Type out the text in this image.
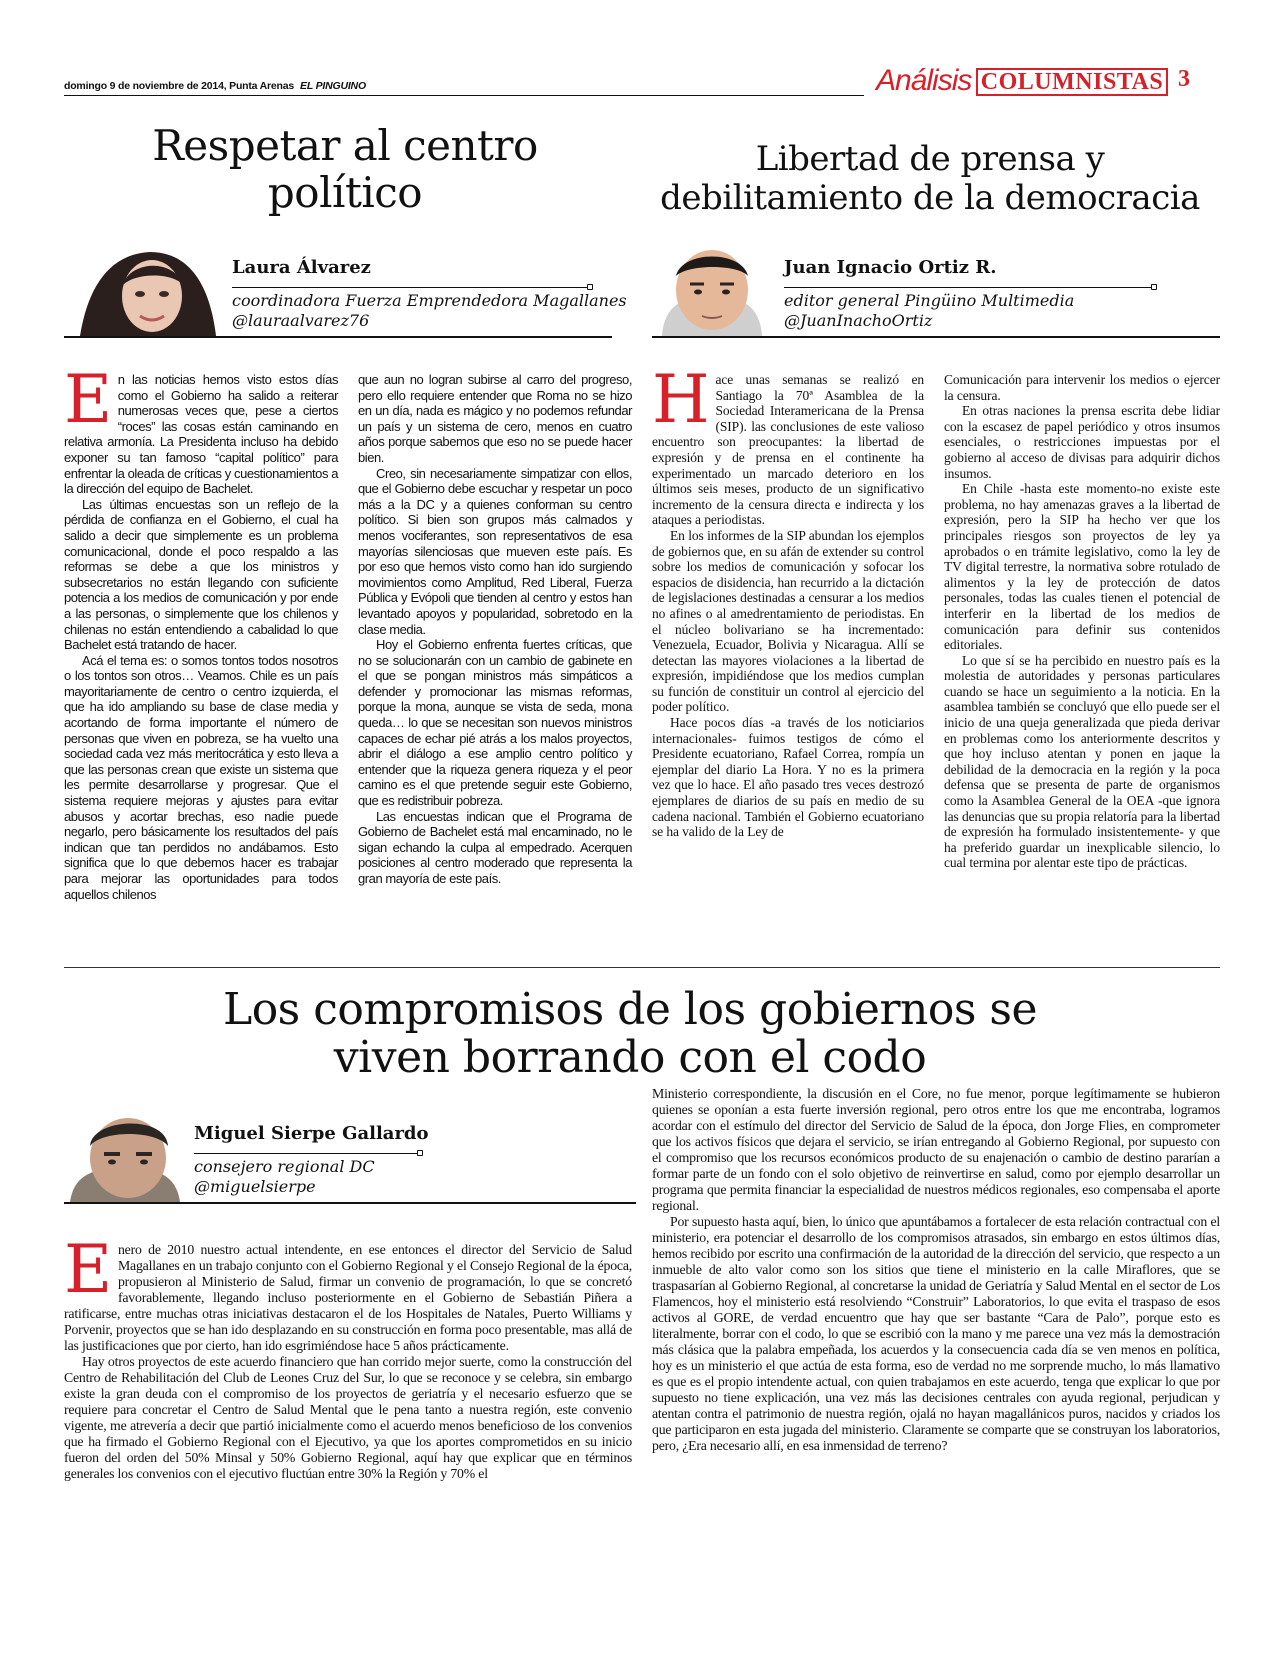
domingo 9 de noviembre de 2014, Punta Arenas EL PINGUINO	Análisis COLUMNISTAS 3
Respetar al centro político
Laura Álvarez
coordinadora Fuerza Emprendedora Magallanes
@lauraalvarez76
E n las noticias hemos visto estos días como el Gobierno ha salido a reiterar numerosas veces que, pese a ciertos “roces” las cosas están caminando en relativa armonía. La Presidenta incluso ha debido exponer su tan famoso “capital político” para enfrentar la oleada de críticas y cuestionamientos a la dirección del equipo de Bachelet.

Las últimas encuestas son un reflejo de la pérdida de confianza en el Gobierno, el cual ha salido a decir que simplemente es un problema comunicacional, donde el poco respaldo a las reformas se debe a que los ministros y subsecretarios no están llegando con suficiente potencia a los medios de comunicación y por ende a las personas, o simplemente que los chilenos y chilenas no están entendiendo a cabalidad lo que Bachelet está tratando de hacer.

Acá el tema es: o somos tontos todos nosotros o los tontos son otros… Veamos. Chile es un país mayoritariamente de centro o centro izquierda, el que ha ido ampliando su base de clase media y acortando de forma importante el número de personas que viven en pobreza, se ha vuelto una sociedad cada vez más meritocrática y esto lleva a que las personas crean que existe un sistema que les permite desarrollarse y progresar. Que el sistema requiere mejoras y ajustes para evitar abusos y acortar brechas, eso nadie puede negarlo, pero básicamente los resultados del país indican que tan perdidos no andábamos. Esto significa que lo que debemos hacer es trabajar para mejorar las oportunidades para todos aquellos chilenos

que aun no logran subirse al carro del progreso, pero ello requiere entender que Roma no se hizo en un día, nada es mágico y no podemos refundar un país y un sistema de cero, menos en cuatro años porque sabemos que eso no se puede hacer bien.

Creo, sin necesariamente simpatizar con ellos, que el Gobierno debe escuchar y respetar un poco más a la DC y a quienes conforman su centro político. Si bien son grupos más calmados y menos vociferantes, son representativos de esa mayorías silenciosas que mueven este país. Es por eso que hemos visto como han ido surgiendo movimientos como Amplitud, Red Liberal, Fuerza Pública y Evópoli que tienden al centro y estos han levantado apoyos y popularidad, sobretodo en la clase media.

Hoy el Gobierno enfrenta fuertes críticas, que no se solucionarán con un cambio de gabinete en el que se pongan ministros más simpáticos a defender y promocionar las mismas reformas, porque la mona, aunque se vista de seda, mona queda… lo que se necesitan son nuevos ministros capaces de echar pié atrás a los malos proyectos, abrir el diálogo a ese amplio centro político y entender que la riqueza genera riqueza y el peor camino es el que pretende seguir este Gobierno, que es redistribuir pobreza.

Las encuestas indican que el Programa de Gobierno de Bachelet está mal encaminado, no le sigan echando la culpa al empedrado. Acerquen posiciones al centro moderado que representa la gran mayoría de este país.

Libertad de prensa y debilitamiento de la democracia
Juan Ignacio Ortiz R.
editor general Pingüino Multimedia
@JuanInachoOrtiz
H ace unas semanas se realizó en Santiago la 70ª Asamblea de la Sociedad Interamericana de la Prensa (SIP). las conclusiones de este valioso encuentro son preocupantes: la libertad de expresión y de prensa en el continente ha experimentado un marcado deterioro en los últimos seis meses, producto de un significativo incremento de la censura directa e indirecta y los ataques a periodistas.

En los informes de la SIP abundan los ejemplos de gobiernos que, en su afán de extender su control sobre los medios de comunicación y sofocar los espacios de disidencia, han recurrido a la dictación de legislaciones destinadas a censurar a los medios no afines o al amedrentamiento de periodistas. En el núcleo bolivariano se ha incrementado: Venezuela, Ecuador, Bolivia y Nicaragua. Allí se detectan las mayores violaciones a la libertad de expresión, impidiéndose que los medios cumplan su función de constituir un control al ejercicio del poder político.

Hace pocos días -a través de los noticiarios internacionales- fuimos testigos de cómo el Presidente ecuatoriano, Rafael Correa, rompía un ejemplar del diario La Hora. Y no es la primera vez que lo hace. El año pasado tres veces destrozó ejemplares de diarios de su país en medio de su cadena nacional. También el Gobierno ecuatoriano se ha valido de la Ley de

Comunicación para intervenir los medios o ejercer la censura.

En otras naciones la prensa escrita debe lidiar con la escasez de papel periódico y otros insumos esenciales, o restricciones impuestas por el gobierno al acceso de divisas para adquirir dichos insumos.

En Chile -hasta este momento-no existe este problema, no hay amenazas graves a la libertad de expresión, pero la SIP ha hecho ver que los principales riesgos son proyectos de ley ya aprobados o en trámite legislativo, como la ley de TV digital terrestre, la normativa sobre rotulado de alimentos y la ley de protección de datos personales, todas las cuales tienen el potencial de interferir en la libertad de los medios de comunicación para definir sus contenidos editoriales.

Lo que sí se ha percibido en nuestro país es la molestia de autoridades y personas particulares cuando se hace un seguimiento a la noticia. En la asamblea también se concluyó que ello puede ser el inicio de una queja generalizada que pieda derivar en problemas como los anteriormente descritos y que hoy incluso atentan y ponen en jaque la debilidad de la democracia en la región y la poca defensa que se presenta de parte de organismos como la Asamblea General de la OEA -que ignora las denuncias que su propia relatoría para la libertad de expresión ha formulado insistentemente- y que ha preferido guardar un inexplicable silencio, lo cual termina por alentar este tipo de prácticas.

Los compromisos de los gobiernos se viven borrando con el codo
Miguel Sierpe Gallardo
consejero regional DC
@miguelsierpe
E nero de 2010 nuestro actual intendente, en ese entonces el director del Servicio de Salud Magallanes en un trabajo conjunto con el Gobierno Regional y el Consejo Regional de la época, propusieron al Ministerio de Salud, firmar un convenio de programación, lo que se concretó favorablemente, llegando incluso posteriormente en el Gobierno de Sebastián Piñera a ratificarse, entre muchas otras iniciativas destacaron el de los Hospitales de Natales, Puerto Williams y Porvenir, proyectos que se han ido desplazando en su construcción en forma poco presentable, mas allá de las justificaciones que por cierto, han ido esgrimiéndose hace 5 años prácticamente.

Hay otros proyectos de este acuerdo financiero que han corrido mejor suerte, como la construcción del Centro de Rehabilitación del Club de Leones Cruz del Sur, lo que se reconoce y se celebra, sin embargo existe la gran deuda con el compromiso de los proyectos de geriatría y el necesario esfuerzo que se requiere para concretar el Centro de Salud Mental que le pena tanto a nuestra región, este convenio vigente, me atrevería a decir que partió inicialmente como el acuerdo menos beneficioso de los convenios que ha firmado el Gobierno Regional con el Ejecutivo, ya que los aportes comprometidos en su inicio fueron del orden del 50% Minsal y 50% Gobierno Regional, aquí hay que explicar que en términos generales los convenios con el ejecutivo fluctúan entre 30% la Región y 70% el

Ministerio correspondiente, la discusión en el Core, no fue menor, porque legítimamente se hubieron quienes se oponían a esta fuerte inversión regional, pero otros entre los que me encontraba, logramos acordar con el estímulo del director del Servicio de Salud de la época, don Jorge Flies, en comprometer que los activos físicos que dejara el servicio, se irían entregando al Gobierno Regional, por supuesto con el compromiso que los recursos económicos producto de su enajenación o cambio de destino pararían a formar parte de un fondo con el solo objetivo de reinvertirse en salud, como por ejemplo desarrollar un programa que permita financiar la especialidad de nuestros médicos regionales, eso compensaba el aporte regional.

Por supuesto hasta aquí, bien, lo único que apuntábamos a fortalecer de esta relación contractual con el ministerio, era potenciar el desarrollo de los compromisos atrasados, sin embargo en estos últimos días, hemos recibido por escrito una confirmación de la autoridad de la dirección del servicio, que respecto a un inmueble de alto valor como son los sitios que tiene el ministerio en la calle Miraflores, que se traspasarían al Gobierno Regional, al concretarse la unidad de Geriatría y Salud Mental en el sector de Los Flamencos, hoy el ministerio está resolviendo “Construir” Laboratorios, lo que evita el traspaso de esos activos al GORE, de verdad encuentro que hay que ser bastante “Cara de Palo”, porque esto es literalmente, borrar con el codo, lo que se escribió con la mano y me parece una vez más la demostración más clásica que la palabra empeñada, los acuerdos y la consecuencia cada día se ven menos en política, hoy es un ministerio el que actúa de esta forma, eso de verdad no me sorprende mucho, lo más llamativo es que es el propio intendente actual, con quien trabajamos en este acuerdo, tenga que explicar lo que por supuesto no tiene explicación, una vez más las decisiones centrales con ayuda regional, perjudican y atentan contra el patrimonio de nuestra región, ojalá no hayan magallánicos puros, nacidos y criados los que participaron en esta jugada del ministerio. Claramente se comparte que se construyan los laboratorios, pero, ¿Era necesario allí, en esa inmensidad de terreno?
